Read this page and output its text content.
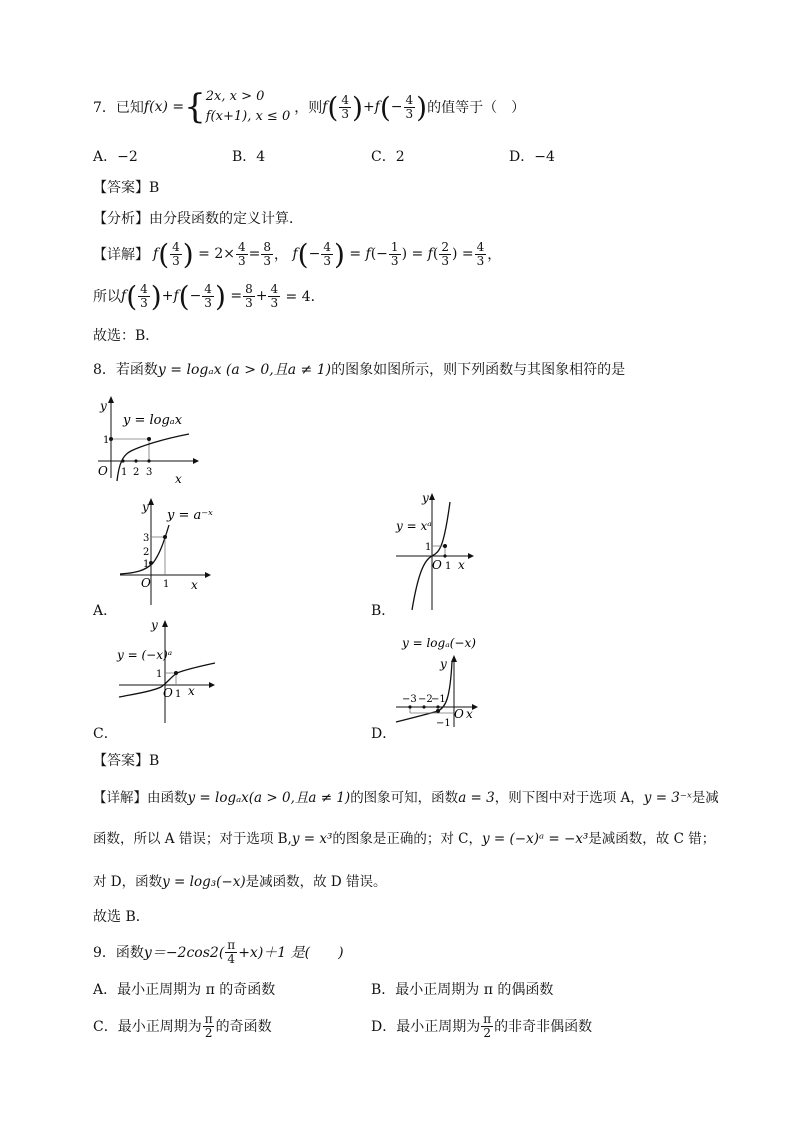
7．已知 f(x) = { 2x, x > 0
f(x+1), x ≤ 0
，则 f ( 4
3 ) + f ( − $\frac{4}{3}$ ) 的值等于（　）
A．−2	B．4	C．2	D．−4
【答案】B
【分析】由分段函数的定义计算．
【详解】 f ( 4
3 ) = $2\times \frac{4}{3} = \frac{8}{3}$ ， f ( − $\frac{4}{3}$ ) = f (− $\frac{1}{3}$ ) = f ( 2
3 ) = $\frac{4}{3}$ ，
所以 f ( 4
3 ) + f ( − $\frac{4}{3}$ ) = $\frac{8}{3} + \frac{4}{3} = 4$．
故选：B．
8．若函数y = logₐx (a > 0,且a ≠ 1)的图象如图所示，则下列函数与其图象相符的是
y
1
O 1 2 3 x
y = logₐx
y
3
2
1
O 1 x
y = a⁻ˣ
A．
y
1
O 1 x
y = xᵃ
B．
y
1
O 1 x
y = (−x)ᵃ
C．
y = logₐ(−x)
y
−3 −2
−1
O x
−1
D．
【答案】B
【详解】由函数y = logₐx(a > 0,且a ≠ 1)的图象可知，函数a = 3，则下图中对于选项 A，y = 3⁻ˣ是减
函数，所以 A 错误；对于选项 B,y = x³的图象是正确的；对 C，y = (−x)ᵃ = −x³是减函数，故 C 错；
对 D，函数y = log₃(−x)是减函数，故 D 错误。
故选 B．
9．函数 y＝−2cos2(
π
4 +x)＋1 是(　　)
A．最小正周期为 π 的奇函数	B．最小正周期为 π 的偶函数
C． 最小正周期为
π
2 的奇函数	D． 最小正周期为
π
2 的非奇非偶函数
